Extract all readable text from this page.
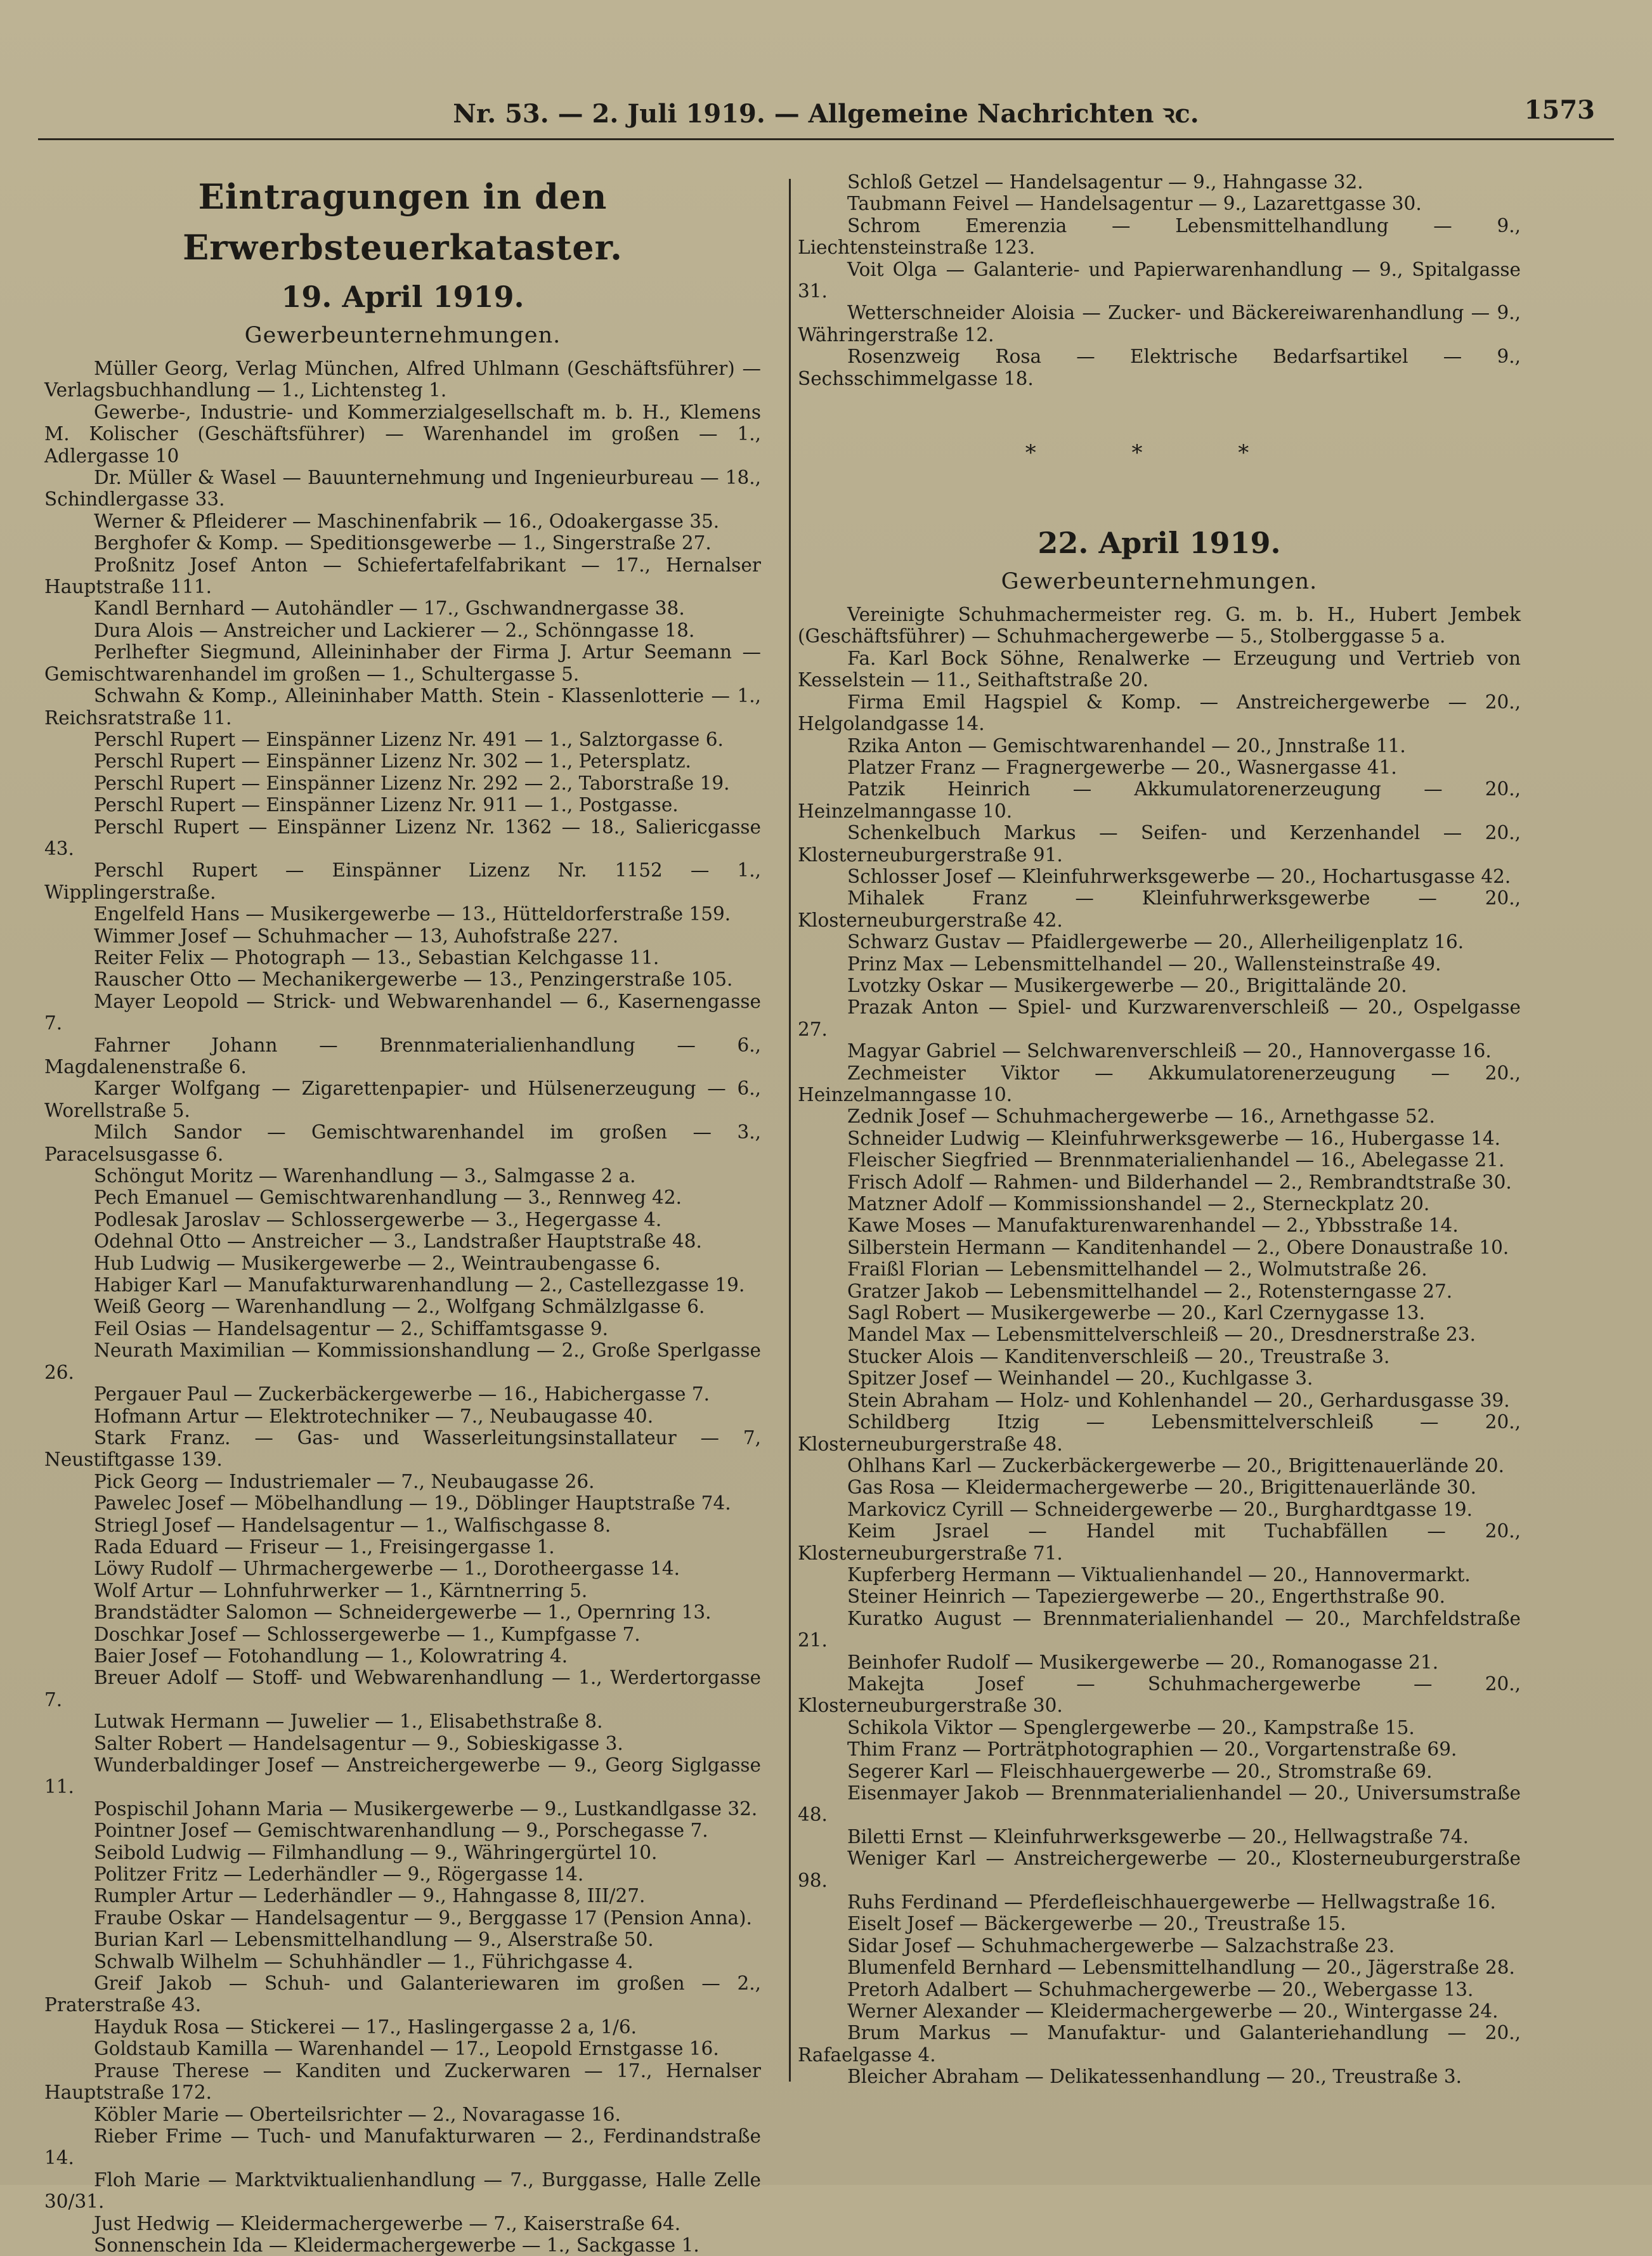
Nr. 53. — 2. Juli 1919. — Allgemeine Nachrichten ꝛc.	1573
Eintragungen in den Erwerbsteuerkataster.
19. April 1919.
Gewerbeunternehmungen.

Müller Georg, Verlag München, Alfred Uhlmann (Geschäftsführer) — Verlagsbuchhandlung — 1., Lichtensteg 1.

Gewerbe-, Industrie- und Kommerzialgesellschaft m. b. H., Klemens M. Kolischer (Geschäftsführer) — Warenhandel im großen — 1., Adlergasse 10

Dr. Müller & Wasel — Bauunternehmung und Ingenieurbureau — 18., Schindlergasse 33.

Werner & Pfleiderer — Maschinenfabrik — 16., Odoakergasse 35.

Berghofer & Komp. — Speditionsgewerbe — 1., Singerstraße 27.

Proßnitz Josef Anton — Schiefertafelfabrikant — 17., Hernalser Hauptstraße 111.

Kandl Bernhard — Autohändler — 17., Gschwandnergasse 38.

Dura Alois — Anstreicher und Lackierer — 2., Schönngasse 18.

Perlhefter Siegmund, Alleininhaber der Firma J. Artur Seemann — Gemischtwarenhandel im großen — 1., Schultergasse 5.

Schwahn & Komp., Alleininhaber Matth. Stein - Klassenlotterie — 1., Reichsratstraße 11.

Perschl Rupert — Einspänner Lizenz Nr. 491 — 1., Salztorgasse 6.

Perschl Rupert — Einspänner Lizenz Nr. 302 — 1., Petersplatz.

Perschl Rupert — Einspänner Lizenz Nr. 292 — 2., Taborstraße 19.

Perschl Rupert — Einspänner Lizenz Nr. 911 — 1., Postgasse.

Perschl Rupert — Einspänner Lizenz Nr. 1362 — 18., Saliericgasse 43.

Perschl Rupert — Einspänner Lizenz Nr. 1152 — 1., Wipplingerstraße.

Engelfeld Hans — Musikergewerbe — 13., Hütteldorferstraße 159.

Wimmer Josef — Schuhmacher — 13, Auhofstraße 227.

Reiter Felix — Photograph — 13., Sebastian Kelchgasse 11.

Rauscher Otto — Mechanikergewerbe — 13., Penzingerstraße 105.

Mayer Leopold — Strick- und Webwarenhandel — 6., Kasernengasse 7.

Fahrner Johann — Brennmaterialienhandlung — 6., Magdalenenstraße 6.

Karger Wolfgang — Zigarettenpapier- und Hülsenerzeugung — 6., Worellstraße 5.

Milch Sandor — Gemischtwarenhandel im großen — 3., Paracelsusgasse 6.

Schöngut Moritz — Warenhandlung — 3., Salmgasse 2 a.

Pech Emanuel — Gemischtwarenhandlung — 3., Rennweg 42.

Podlesak Jaroslav — Schlossergewerbe — 3., Hegergasse 4.

Odehnal Otto — Anstreicher — 3., Landstraßer Hauptstraße 48.

Hub Ludwig — Musikergewerbe — 2., Weintraubengasse 6.

Habiger Karl — Manufakturwarenhandlung — 2., Castellezgasse 19.

Weiß Georg — Warenhandlung — 2., Wolfgang Schmälzlgasse 6.

Feil Osias — Handelsagentur — 2., Schiffamtsgasse 9.

Neurath Maximilian — Kommissionshandlung — 2., Große Sperlgasse 26.

Pergauer Paul — Zuckerbäckergewerbe — 16., Habichergasse 7.

Hofmann Artur — Elektrotechniker — 7., Neubaugasse 40.

Stark Franz. — Gas- und Wasserleitungsinstallateur — 7, Neustiftgasse 139.

Pick Georg — Industriemaler — 7., Neubaugasse 26.

Pawelec Josef — Möbelhandlung — 19., Döblinger Hauptstraße 74.

Striegl Josef — Handelsagentur — 1., Walfischgasse 8.

Rada Eduard — Friseur — 1., Freisingergasse 1.

Löwy Rudolf — Uhrmachergewerbe — 1., Dorotheergasse 14.

Wolf Artur — Lohnfuhrwerker — 1., Kärntnerring 5.

Brandstädter Salomon — Schneidergewerbe — 1., Opernring 13.

Doschkar Josef — Schlossergewerbe — 1., Kumpfgasse 7.

Baier Josef — Fotohandlung — 1., Kolowratring 4.

Breuer Adolf — Stoff- und Webwarenhandlung — 1., Werdertorgasse 7.

Lutwak Hermann — Juwelier — 1., Elisabethstraße 8.

Salter Robert — Handelsagentur — 9., Sobieskigasse 3.

Wunderbaldinger Josef — Anstreichergewerbe — 9., Georg Siglgasse 11.

Pospischil Johann Maria — Musikergewerbe — 9., Lustkandlgasse 32.

Pointner Josef — Gemischtwarenhandlung — 9., Porschegasse 7.

Seibold Ludwig — Filmhandlung — 9., Währingergürtel 10.

Politzer Fritz — Lederhändler — 9., Rögergasse 14.

Rumpler Artur — Lederhändler — 9., Hahngasse 8, III/27.

Fraube Oskar — Handelsagentur — 9., Berggasse 17 (Pension Anna).

Burian Karl — Lebensmittelhandlung — 9., Alserstraße 50.

Schwalb Wilhelm — Schuhhändler — 1., Führichgasse 4.

Greif Jakob — Schuh- und Galanteriewaren im großen — 2., Praterstraße 43.

Hayduk Rosa — Stickerei — 17., Haslingergasse 2 a, 1/6.

Goldstaub Kamilla — Warenhandel — 17., Leopold Ernstgasse 16.

Prause Therese — Kanditen und Zuckerwaren — 17., Hernalser Hauptstraße 172.

Köbler Marie — Oberteilsrichter — 2., Novaragasse 16.

Rieber Frime — Tuch- und Manufakturwaren — 2., Ferdinandstraße 14.

Floh Marie — Marktviktualienhandlung — 7., Burggasse, Halle Zelle 30/31.

Just Hedwig — Kleidermachergewerbe — 7., Kaiserstraße 64.

Sonnenschein Ida — Kleidermachergewerbe — 1., Sackgasse 1.

Schloß Getzel — Handelsagentur — 9., Hahngasse 32.

Taubmann Feivel — Handelsagentur — 9., Lazarettgasse 30.

Schrom Emerenzia — Lebensmittelhandlung — 9., Liechtensteinstraße 123.

Voit Olga — Galanterie- und Papierwarenhandlung — 9., Spitalgasse 31.

Wetterschneider Aloisia — Zucker- und Bäckereiwarenhandlung — 9., Währingerstraße 12.

Rosenzweig Rosa — Elektrische Bedarfsartikel — 9., Sechsschimmelgasse 18.

* * *
22. April 1919.
Gewerbeunternehmungen.

Vereinigte Schuhmachermeister reg. G. m. b. H., Hubert Jembek (Geschäftsführer) — Schuhmachergewerbe — 5., Stolberggasse 5 a.

Fa. Karl Bock Söhne, Renalwerke — Erzeugung und Vertrieb von Kesselstein — 11., Seithaftstraße 20.

Firma Emil Hagspiel & Komp. — Anstreichergewerbe — 20., Helgolandgasse 14.

Rzika Anton — Gemischtwarenhandel — 20., Jnnstraße 11.

Platzer Franz — Fragnergewerbe — 20., Wasnergasse 41.

Patzik Heinrich — Akkumulatorenerzeugung — 20., Heinzelmanngasse 10.

Schenkelbuch Markus — Seifen- und Kerzenhandel — 20., Klosterneuburgerstraße 91.

Schlosser Josef — Kleinfuhrwerksgewerbe — 20., Hochartusgasse 42.

Mihalek Franz — Kleinfuhrwerksgewerbe — 20., Klosterneuburgerstraße 42.

Schwarz Gustav — Pfaidlergewerbe — 20., Allerheiligenplatz 16.

Prinz Max — Lebensmittelhandel — 20., Wallensteinstraße 49.

Lvotzky Oskar — Musikergewerbe — 20., Brigittaländе 20.

Prazak Anton — Spiel- und Kurzwarenverschleiß — 20., Ospelgasse 27.

Magyar Gabriel — Selchwarenverschleiß — 20., Hannovergasse 16.

Zechmeister Viktor — Akkumulatorenerzeugung — 20., Heinzelmanngasse 10.

Zednik Josef — Schuhmachergewerbe — 16., Arnethgasse 52.

Schneider Ludwig — Kleinfuhrwerksgewerbe — 16., Hubergasse 14.

Fleischer Siegfried — Brennmaterialienhandel — 16., Abelegasse 21.

Frisch Adolf — Rahmen- und Bilderhandel — 2., Rembrandtstraße 30.

Matzner Adolf — Kommissionshandel — 2., Sterneckplatz 20.

Kawe Moses — Manufakturenwarenhandel — 2., Ybbsstraße 14.

Silberstein Hermann — Kanditenhandel — 2., Obere Donaustraße 10.

Fraißl Florian — Lebensmittelhandel — 2., Wolmutstraße 26.

Gratzer Jakob — Lebensmittelhandel — 2., Rotensterngasse 27.

Sagl Robert — Musikergewerbe — 20., Karl Czernygasse 13.

Mandel Max — Lebensmittelverschleiß — 20., Dresdnerstraße 23.

Stucker Alois — Kanditenverschleiß — 20., Treustraße 3.

Spitzer Josef — Weinhandel — 20., Kuchlgasse 3.

Stein Abraham — Holz- und Kohlenhandel — 20., Gerhardusgasse 39.

Schildberg Itzig — Lebensmittelverschleiß — 20., Klosterneuburgerstraße 48.

Ohlhans Karl — Zuckerbäckergewerbe — 20., Brigittenauerlände 20.

Gas Rosa — Kleidermachergewerbe — 20., Brigittenauerlände 30.

Markovicz Cyrill — Schneidergewerbe — 20., Burghardtgasse 19.

Keim Jsrael — Handel mit Tuchabfällen — 20., Klosterneuburgerstraße 71.

Kupferberg Hermann — Viktualienhandel — 20., Hannovermarkt.

Steiner Heinrich — Tapeziergewerbe — 20., Engerthstraße 90.

Kuratko August — Brennmaterialienhandel — 20., Marchfeldstraße 21.

Beinhofer Rudolf — Musikergewerbe — 20., Romanogasse 21.

Makejta Josef — Schuhmachergewerbe — 20., Klosterneuburgerstraße 30.

Schikola Viktor — Spenglergewerbe — 20., Kampstraße 15.

Thim Franz — Porträtphotographien — 20., Vorgartenstraße 69.

Segerer Karl — Fleischhauergewerbe — 20., Stromstraße 69.

Eisenmayer Jakob — Brennmaterialienhandel — 20., Universumstraße 48.

Biletti Ernst — Kleinfuhrwerksgewerbe — 20., Hellwagstraße 74.

Weniger Karl — Anstreichergewerbe — 20., Klosterneuburgerstraße 98.

Ruhs Ferdinand — Pferdefleischhauergewerbe — Hellwagstraße 16.

Eiselt Josef — Bäckergewerbe — 20., Treustraße 15.

Sidar Josef — Schuhmachergewerbe — Salzachstraße 23.

Blumenfeld Bernhard — Lebensmittelhandlung — 20., Jägerstraße 28.

Pretorh Adalbert — Schuhmachergewerbe — 20., Webergasse 13.

Werner Alexander — Kleidermachergewerbe — 20., Wintergasse 24.

Brum Markus — Manufaktur- und Galanteriehandlung — 20., Rafaelgasse 4.

Bleicher Abraham — Delikatessenhandlung — 20., Treustraße 3.
